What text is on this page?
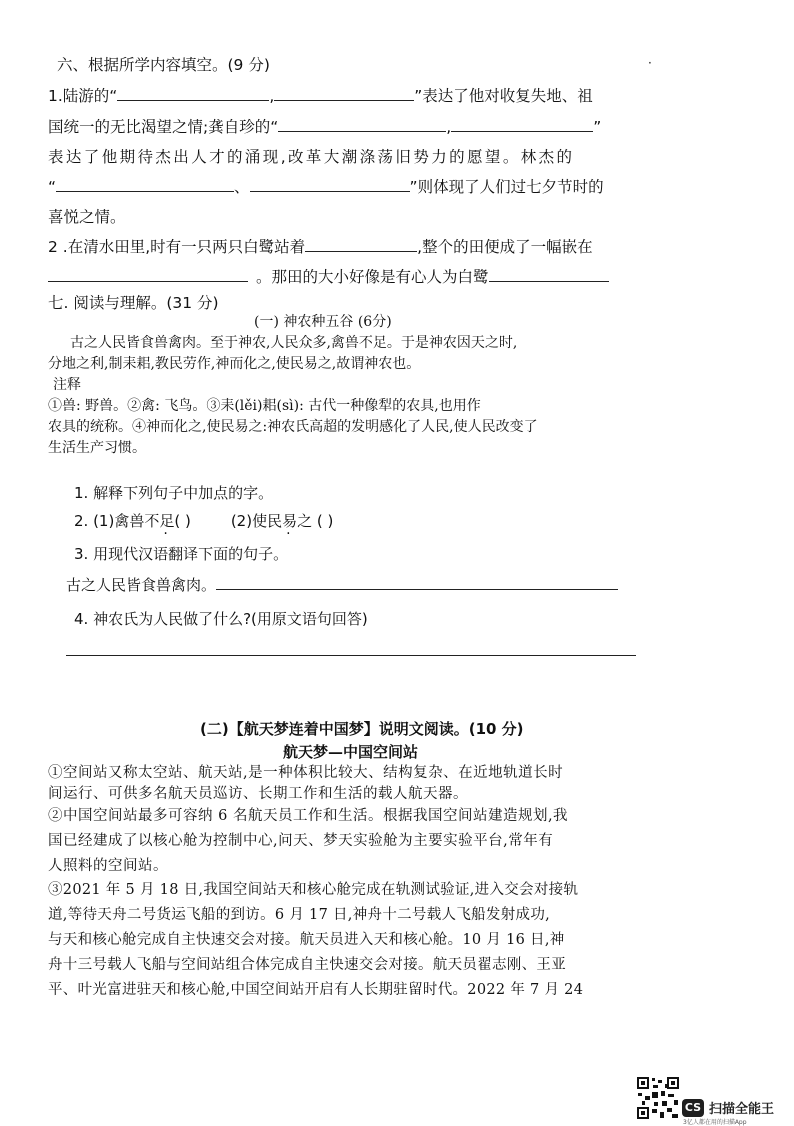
六、根据所学内容填空。(9 分)	·
1.陆游的“	,	”表达了他对收复失地、祖
国统一的无比渴望之情;龚自珍的“	,	”
表达了他期待杰出人才的涌现,改革大潮涤荡旧势力的愿望。林杰的
“	、	”则体现了人们过七夕节时的
喜悦之情。
2 .在清水田里,时有一只两只白鹭站着	,整个的田便成了一幅嵌在
。那田的大小好像是有心人为白鹭
七. 阅读与理解。(31 分)
(一) 神农种五谷 (6分)
古之人民皆食兽禽肉。至于神农,人民众多,禽兽不足。于是神农因天之时,
分地之利,制耒耜,教民劳作,神而化之,使民易之,故谓神农也。
注释
①兽: 野兽。②禽: 飞鸟。③耒(lěi)耜(sì): 古代一种像犁的农具,也用作
农具的统称。④神而化之,使民易之:神农氏高超的发明感化了人民,使人民改变了
生活生产习惯。
1. 解释下列句子中加点的字。
2. (1)禽兽不足( )	(2)使民易之 ( )
3. 用现代汉语翻译下面的句子。
古之人民皆食兽禽肉。
4. 神农氏为人民做了什么?(用原文语句回答)
(二)【航天梦连着中国梦】说明文阅读。(10 分)
航天梦—中国空间站
①空间站又称太空站、航天站,是一种体积比较大、结构复杂、在近地轨道长时
间运行、可供多名航天员巡访、长期工作和生活的载人航天器。
②中国空间站最多可容纳 6 名航天员工作和生活。根据我国空间站建造规划,我
国已经建成了以核心舱为控制中心,问天、梦天实验舱为主要实验平台,常年有
人照料的空间站。
③2021 年 5 月 18 日,我国空间站天和核心舱完成在轨测试验证,进入交会对接轨
道,等待天舟二号货运飞船的到访。6 月 17 日,神舟十二号载人飞船发射成功,
与天和核心舱完成自主快速交会对接。航天员进入天和核心舱。10 月 16 日,神
舟十三号载人飞船与空间站组合体完成自主快速交会对接。航天员翟志刚、王亚
平、叶光富进驻天和核心舱,中国空间站开启有人长期驻留时代。2022 年 7 月 24
CS 扫描全能王
3亿人都在用的扫描App
